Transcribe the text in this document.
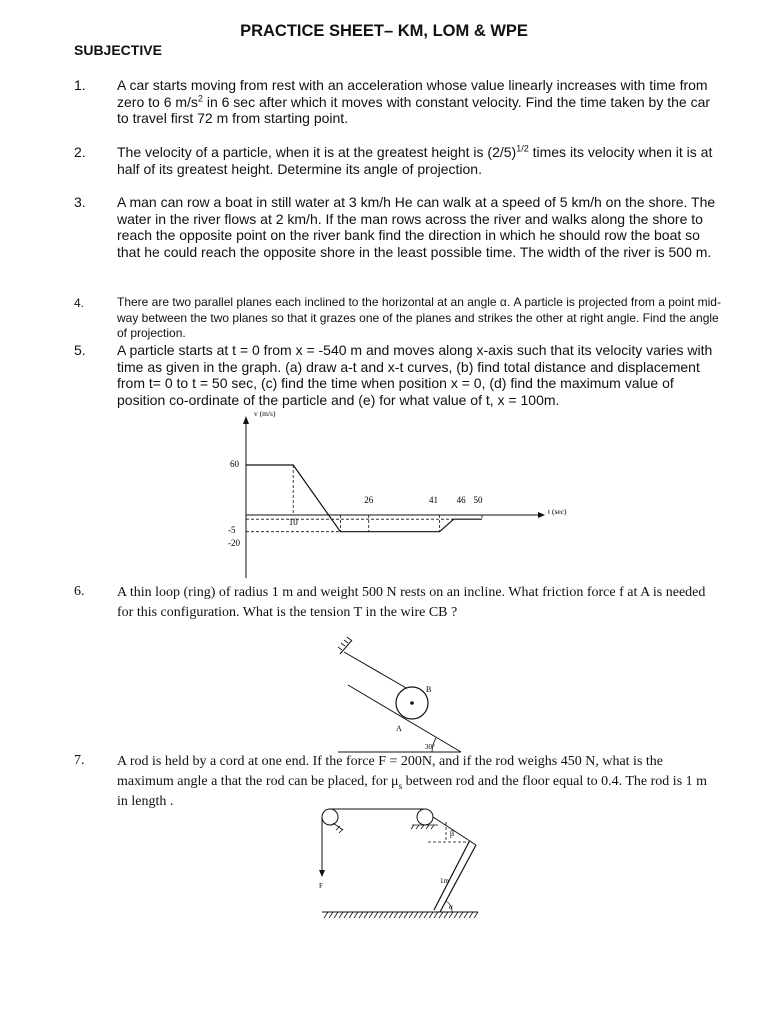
PRACTICE SHEET– KM, LOM & WPE
SUBJECTIVE
1. A car starts moving from rest with an acceleration whose value linearly increases with time from zero to 6 $m/s^2$ in 6 sec after which it moves with constant velocity. Find the time taken by the car to travel first 72 m from starting point.
2. The velocity of a particle, when it is at the greatest height is $(2/5)^{1/2}$ times its velocity when it is at half of its greatest height. Determine its angle of projection.
3. A man can row a boat in still water at 3 km/h He can walk at a speed of 5 km/h on the shore. The water in the river flows at 2 km/h. If the man rows across the river and walks along the shore to reach the opposite point on the river bank find the direction in which he should row the boat so that he could reach the opposite shore in the least possible time. The width of the river is 500 m.
4.	There are two parallel planes each inclined to the horizontal at an angle α. A particle is projected from a point mid-way between the two planes so that it grazes one of the planes and strikes the other at right angle. Find the angle of projection.
5. A particle starts at t = 0 from x = -540 m and moves along x-axis such that its velocity varies with time as given in the graph. (a) draw a-t and x-t curves, (b) find total distance and displacement from t= 0 to t = 50 sec, (c) find the time when position x = 0, (d) find the maximum value of position co-ordinate of the particle and (e) for what value of t, x = 100m.
v (m/s)
t (sec)
60
-5
-20
10
26	41 46 50
6. A thin loop (ring) of radius 1 m and weight 500 N rests on an incline. What friction force f at A is needed for this configuration. What is the tension T in the wire CB ?
B
A
30°
7. A rod is held by a cord at one end. If the force F = 200N, and if the rod weighs 450 N, what is the maximum angle a that the rod can be placed, for $\mu_s$ between rod and the floor equal to 0.4. The rod is 1 m in length .
F
1m
β
α
